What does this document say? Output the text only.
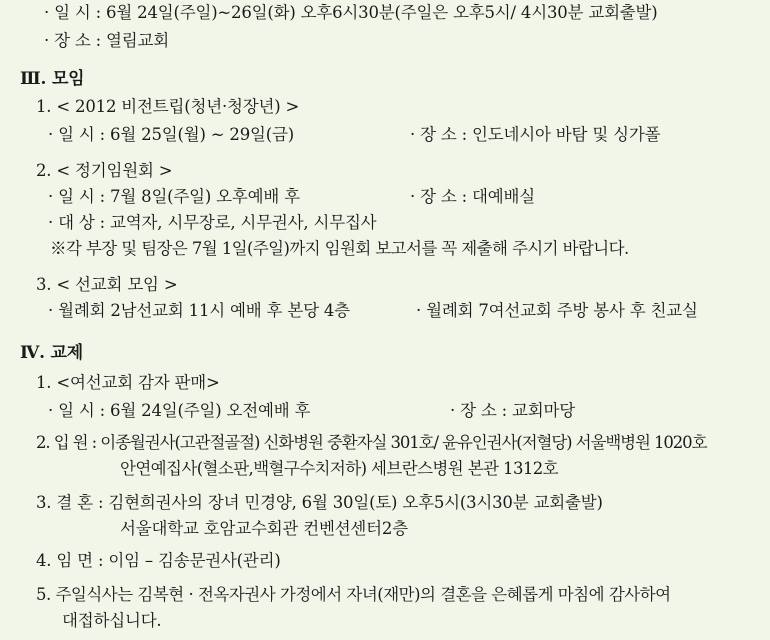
· 일 시 : 6월 24일(주일)~26일(화) 오후6시30분(주일은 오후5시/ 4시30분 교회출발)
· 장 소 : 열림교회
Ⅲ. 모임
1. < 2012 비전트립(청년·청장년) >
· 일 시 : 6월 25일(월) ~ 29일(금)	· 장 소 : 인도네시아 바탐 및 싱가폴
2. < 정기임원회 >
· 일 시 : 7월 8일(주일) 오후예배 후	· 장 소 : 대예배실
· 대 상 : 교역자, 시무장로, 시무권사, 시무집사
※각 부장 및 팀장은 7월 1일(주일)까지 임원회 보고서를 꼭 제출해 주시기 바랍니다.
3. < 선교회 모임 >
· 월례회 2남선교회 11시 예배 후 본당 4층	· 월례회 7여선교회 주방 봉사 후 친교실
Ⅳ. 교제
1. <여선교회 감자 판매>
· 일 시 : 6월 24일(주일) 오전예배 후	· 장 소 : 교회마당
2. 입 원 : 이종월권사(고관절골절) 신화병원 중환자실 301호/ 윤유인권사(저혈당) 서울백병원 1020호
안연예집사(혈소판,백혈구수치저하) 세브란스병원 본관 1312호
3. 결 혼 : 김현희권사의 장녀 민경양, 6월 30일(토) 오후5시(3시30분 교회출발)
서울대학교 호암교수회관 컨벤션센터2층
4. 임 면 : 이임 – 김송문권사(관리)
5. 주일식사는 김복현 · 전옥자권사 가정에서 자녀(재만)의 결혼을 은혜롭게 마침에 감사하여
대접하십니다.
